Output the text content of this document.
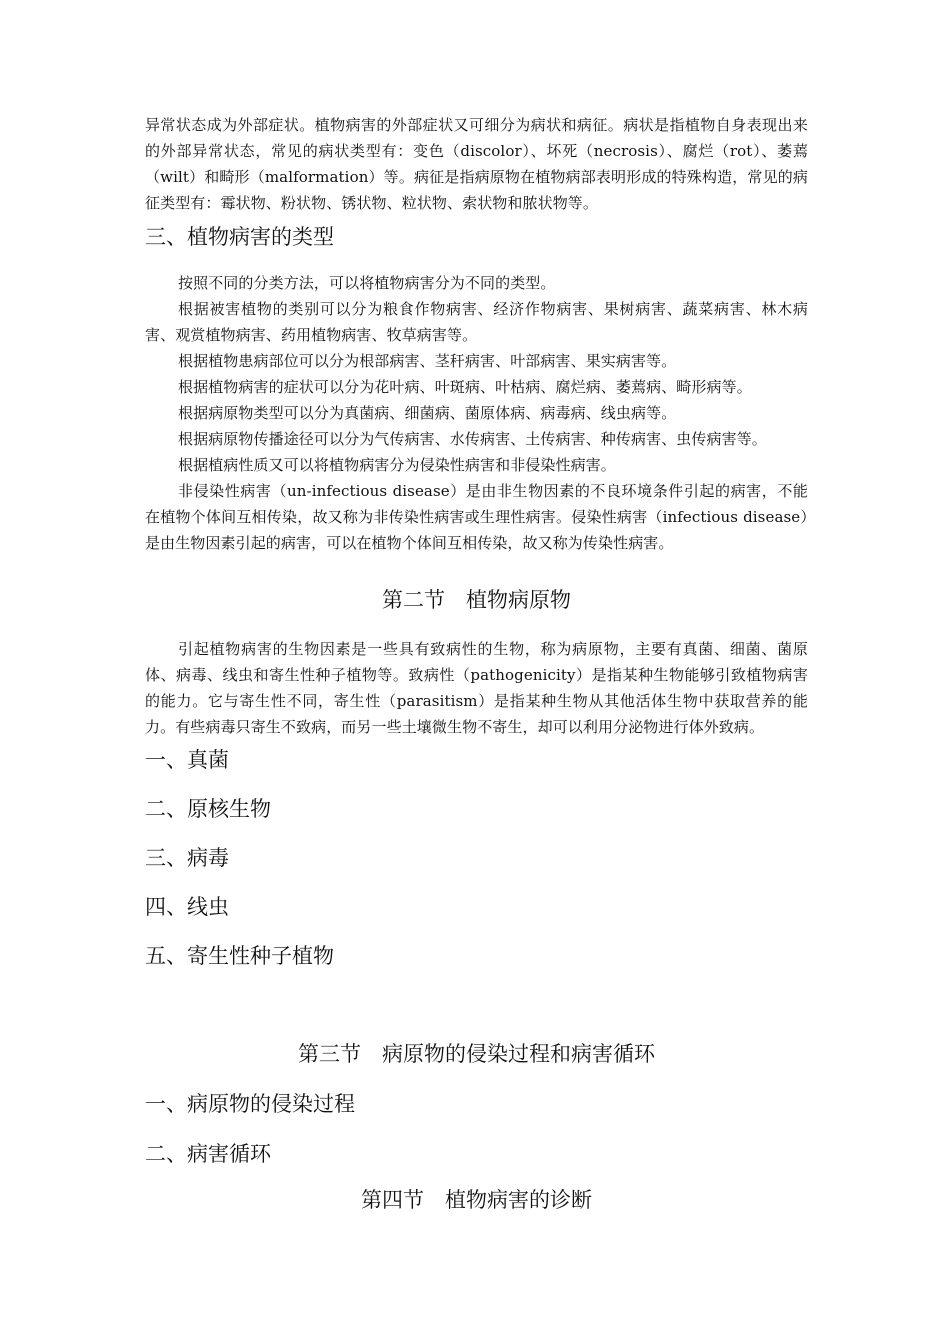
异常状态成为外部症状。植物病害的外部症状又可细分为病状和病征。病状是指植物自身表现出来的外部异常状态，常见的病状类型有：变色（discolor）、坏死（necrosis）、腐烂（rot）、萎蔫（wilt）和畸形（malformation）等。病征是指病原物在植物病部表明形成的特殊构造，常见的病征类型有：霉状物、粉状物、锈状物、粒状物、索状物和脓状物等。

三、植物病害的类型

按照不同的分类方法，可以将植物病害分为不同的类型。

根据被害植物的类别可以分为粮食作物病害、经济作物病害、果树病害、蔬菜病害、林木病害、观赏植物病害、药用植物病害、牧草病害等。

根据植物患病部位可以分为根部病害、茎秆病害、叶部病害、果实病害等。

根据植物病害的症状可以分为花叶病、叶斑病、叶枯病、腐烂病、萎蔫病、畸形病等。

根据病原物类型可以分为真菌病、细菌病、菌原体病、病毒病、线虫病等。

根据病原物传播途径可以分为气传病害、水传病害、土传病害、种传病害、虫传病害等。

根据植病性质又可以将植物病害分为侵染性病害和非侵染性病害。

非侵染性病害（un-infectious disease）是由非生物因素的不良环境条件引起的病害，不能在植物个体间互相传染，故又称为非传染性病害或生理性病害。侵染性病害（infectious disease）是由生物因素引起的病害，可以在植物个体间互相传染，故又称为传染性病害。

第二节　植物病原物

引起植物病害的生物因素是一些具有致病性的生物，称为病原物，主要有真菌、细菌、菌原体、病毒、线虫和寄生性种子植物等。致病性（pathogenicity）是指某种生物能够引致植物病害的能力。它与寄生性不同，寄生性（parasitism）是指某种生物从其他活体生物中获取营养的能力。有些病毒只寄生不致病，而另一些土壤微生物不寄生，却可以利用分泌物进行体外致病。

一、真菌
二、原核生物
三、病毒
四、线虫
五、寄生性种子植物
第三节　病原物的侵染过程和病害循环
一、病原物的侵染过程
二、病害循环
第四节　植物病害的诊断
